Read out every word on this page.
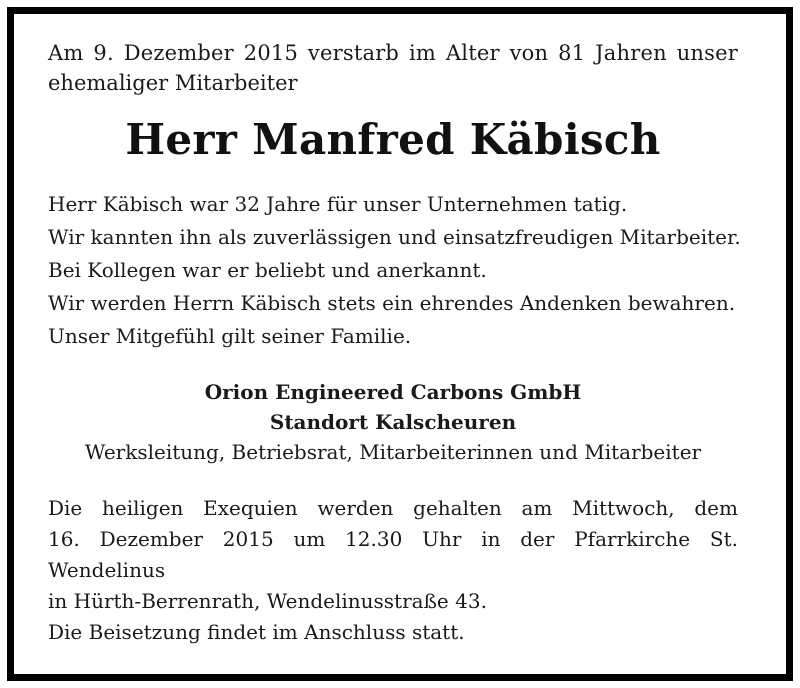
Am 9. Dezember 2015 verstarb im Alter von 81 Jahren unser
ehemaliger Mitarbeiter

Herr Manfred Käbisch
Herr Käbisch war 32 Jahre für unser Unternehmen tatig.
Wir kannten ihn als zuverlässigen und einsatzfreudigen Mitarbeiter.
Bei Kollegen war er beliebt und anerkannt.
Wir werden Herrn Käbisch stets ein ehrendes Andenken bewahren.
Unser Mitgefühl gilt seiner Familie.
Orion Engineered Carbons GmbH
Standort Kalscheuren
Werksleitung, Betriebsrat, Mitarbeiterinnen und Mitarbeiter
Die heiligen Exequien werden gehalten am Mittwoch, dem
16. Dezember 2015 um 12.30 Uhr in der Pfarrkirche St. Wendelinus
in Hürth-Berrenrath, Wendelinusstraße 43.
Die Beisetzung findet im Anschluss statt.
